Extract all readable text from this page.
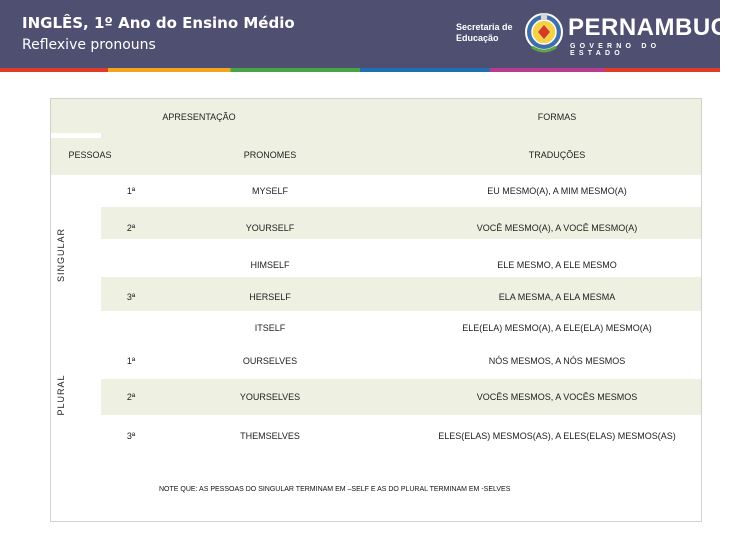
INGLÊS, 1º Ano do Ensino Médio
Reflexive pronouns
Secretaria de Educação	PERNAMBUCO
GOVERNO DO ESTADO
APRESENTAÇÃO	FORMAS
PESSOAS	PRONOMES	TRADUÇÕES
SINGULAR
PLURAL
1ª	MYSELF	EU MESMO(A), A MIM MESMO(A)
2ª	YOURSELF	VOCÊ MESMO(A), A VOCÊ MESMO(A)
HIMSELF	ELE MESMO, A ELE MESMO
3ª	HERSELF	ELA MESMA, A ELA MESMA
ITSELF	ELE(ELA) MESMO(A), A ELE(ELA) MESMO(A)
1ª	OURSELVES	NÓS MESMOS, A NÓS MESMOS
2ª	YOURSELVES	VOCÊS MESMOS, A VOCÊS MESMOS
3ª	THEMSELVES	ELES(ELAS) MESMOS(AS), A ELES(ELAS) MESMOS(AS)
NOTE QUE: AS PESSOAS DO SINGULAR TERMINAM EM –SELF E AS DO PLURAL TERMINAM EM -SELVES
